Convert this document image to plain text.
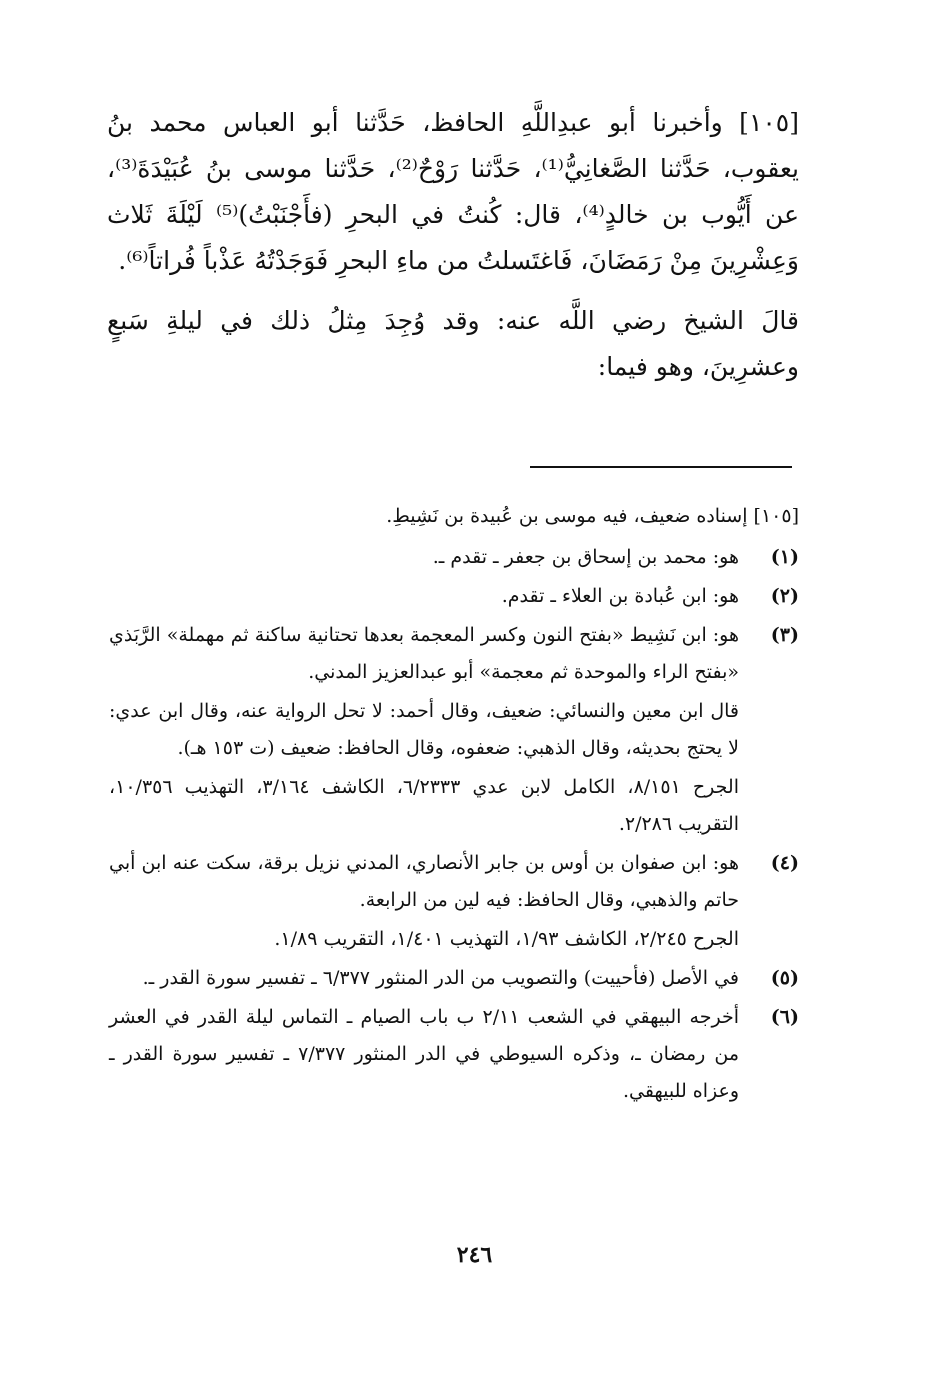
[١٠٥] وأخبرنا أبو عبدِاللَّهِ الحافظ، حَدَّثنا أبو العباس محمد بنُ يعقوب، حَدَّثنا الصَّغانِيُّ⁽¹⁾، حَدَّثنا رَوْحٌ⁽²⁾، حَدَّثنا موسى بنُ عُبَيْدَةَ⁽³⁾، عن أَيُّوب بن خالدٍ⁽⁴⁾، قال: كُنتُ في البحرِ (فأَجْنَبْتُ)⁽⁵⁾ لَيْلَةَ ثَلاث وَعِشْرِينَ مِنْ رَمَضَانَ، فَاغتَسلتُ من ماءِ البحرِ فَوَجَدْتُهُ عَذْباً فُراتاً⁽⁶⁾.

قالَ الشيخ رضي اللَّه عنه: وقد وُجِدَ مِثلُ ذلك في ليلةِ سَبعٍ وعشرِينَ، وهو فيما:

[١٠٥] إسناده ضعيف، فيه موسى بن عُبيدة بن نَشِيطِ.

(١)

هو: محمد بن إسحاق بن جعفر ـ تقدم ـ.

(٢)

هو: ابن عُبادة بن العلاء ـ تقدم.

(٣)

هو: ابن نَشِيط «بفتح النون وكسر المعجمة بعدها تحتانية ساكنة ثم مهملة» الرَّبَذي «بفتح الراء والموحدة ثم معجمة» أبو عبدالعزيز المدني.

قال ابن معين والنسائي: ضعيف، وقال أحمد: لا تحل الرواية عنه، وقال ابن عدي: لا يحتج بحديثه، وقال الذهبي: ضعفوه، وقال الحافظ: ضعيف (ت ١٥٣ هـ).

الجرح ٨/١٥١، الكامل لابن عدي ٦/٢٣٣٣، الكاشف ٣/١٦٤، التهذيب ١٠/٣٥٦، التقريب ٢/٢٨٦.

(٤)

هو: ابن صفوان بن أوس بن جابر الأنصاري، المدني نزيل برقة، سكت عنه ابن أبي حاتم والذهبي، وقال الحافظ: فيه لين من الرابعة.

الجرح ٢/٢٤٥، الكاشف ١/٩٣، التهذيب ١/٤٠١، التقريب ١/٨٩.

(٥)

في الأصل (فأحييت) والتصويب من الدر المنثور ٦/٣٧٧ ـ تفسير سورة القدر ـ.

(٦)

أخرجه البيهقي في الشعب ٢/١١ ب باب الصيام ـ التماس ليلة القدر في العشر من رمضان ـ، وذكره السيوطي في الدر المنثور ٧/٣٧٧ ـ تفسير سورة القدر ـ وعزاه للبيهقي.

٢٤٦
